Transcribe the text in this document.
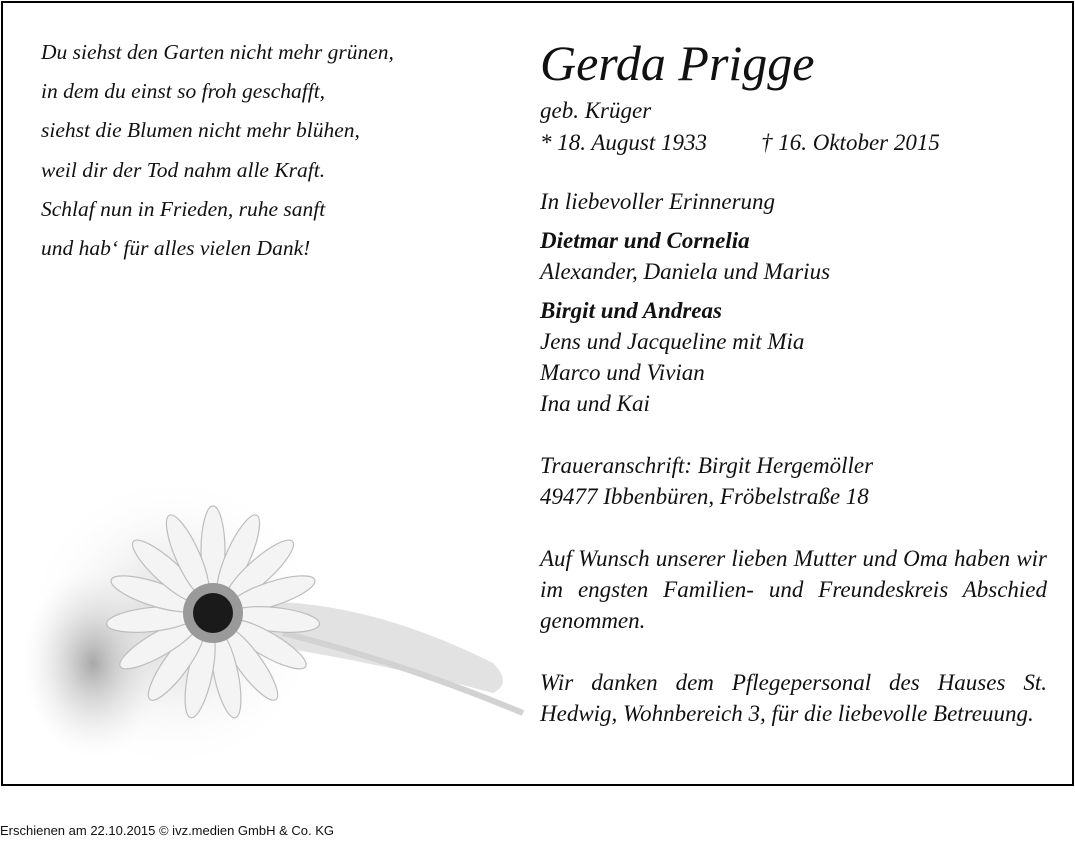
Du siehst den Garten nicht mehr grünen,
in dem du einst so froh geschafft,
siehst die Blumen nicht mehr blühen,
weil dir der Tod nahm alle Kraft.
Schlaf nun in Frieden, ruhe sanft
und hab‘ für alles vielen Dank!
Gerda Prigge
geb. Krüger
* 18. August 1933 † 16. Oktober 2015
In liebevoller Erinnerung
Dietmar und Cornelia
Alexander, Daniela und Marius
Birgit und Andreas
Jens und Jacqueline mit Mia
Marco und Vivian
Ina und Kai
Traueranschrift: Birgit Hergemöller
49477 Ibbenbüren, Fröbelstraße 18
Auf Wunsch unserer lieben Mutter und Oma haben wir im engsten Familien- und Freundeskreis Abschied genommen.
Wir danken dem Pflegepersonal des Hauses St. Hedwig, Wohnbereich 3, für die liebevolle Betreuung.
Erschienen am 22.10.2015 © ivz.medien GmbH & Co. KG
